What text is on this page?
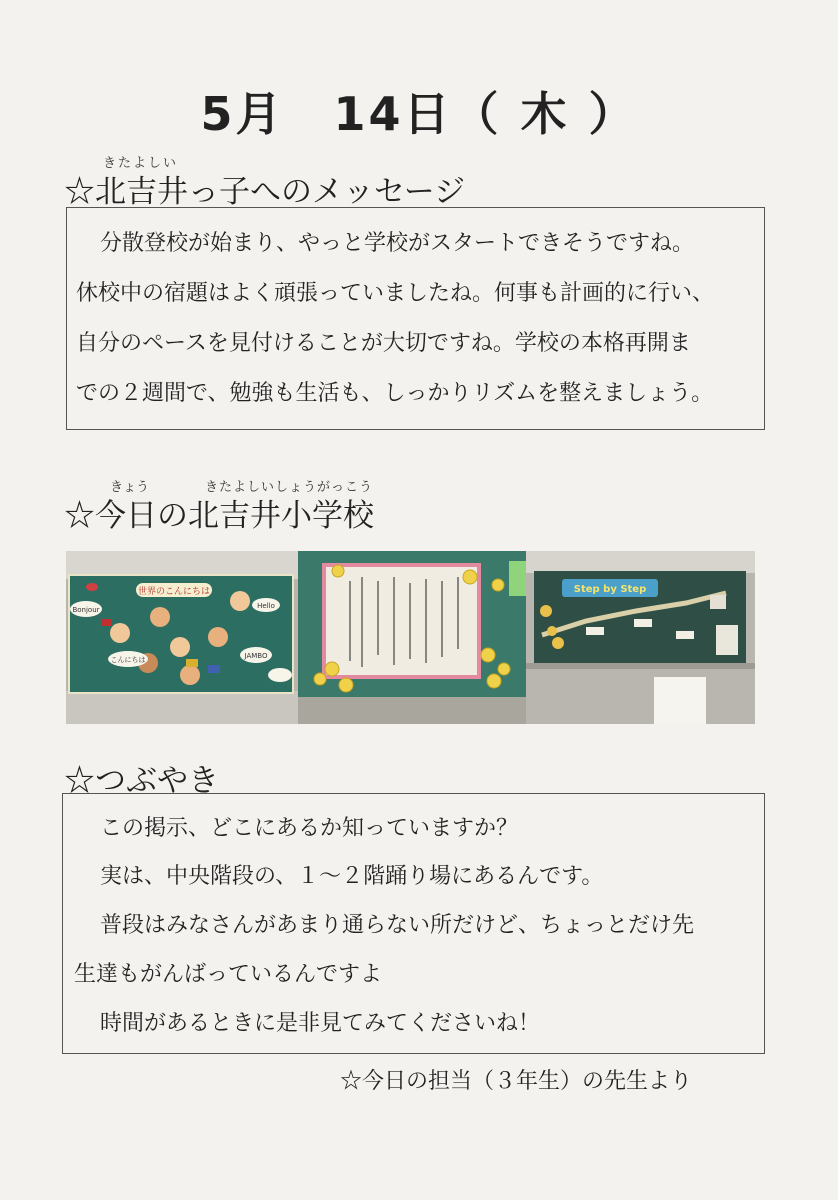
5月　14日（ 木 ）
きたよしい
☆北吉井っ子へのメッセージ
分散登校が始まり、やっと学校がスタートできそうですね。
休校中の宿題はよく頑張っていましたね。何事も計画的に行い、
自分のペースを見付けることが大切ですね。学校の本格再開ま
での２週間で、勉強も生活も、しっかりリズムを整えましょう。
きょう	きたよしいしょうがっこう
☆今日の北吉井小学校
世界のこんにちは
Bonjour
こんにちは
Hello
JAMBO
Step by Step
☆つぶやき
この掲示、どこにあるか知っていますか？
実は、中央階段の、１～２階踊り場にあるんです。
普段はみなさんがあまり通らない所だけど、ちょっとだけ先
生達もがんばっているんですよ
時間があるときに是非見てみてくださいね！
☆今日の担当（３年生）の先生より
